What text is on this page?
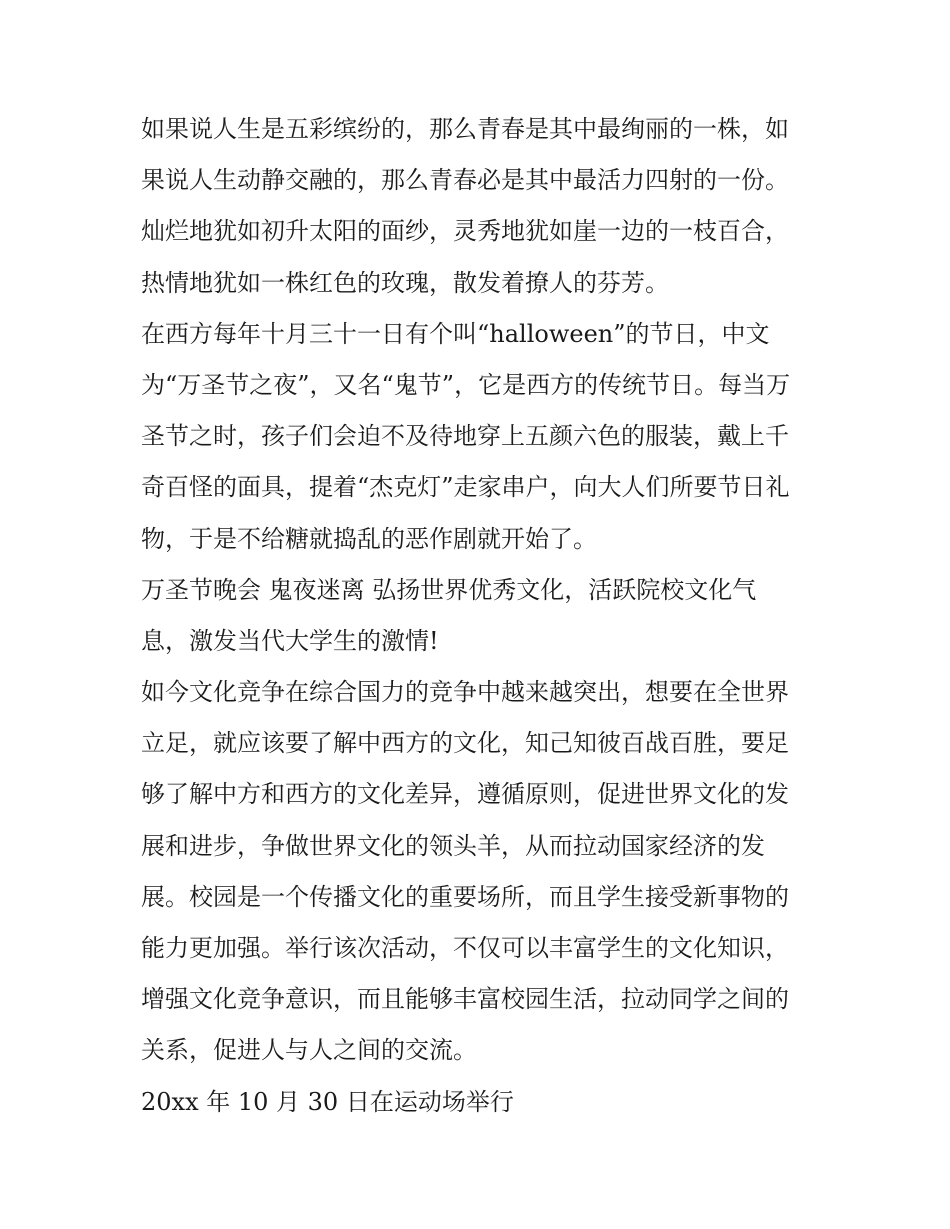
如果说人生是五彩缤纷的，那么青春是其中最绚丽的一株，如

果说人生动静交融的，那么青春必是其中最活力四射的一份。

灿烂地犹如初升太阳的面纱，灵秀地犹如崖一边的一枝百合，

热情地犹如一株红色的玫瑰，散发着撩人的芬芳。

在西方每年十月三十一日有个叫“halloween”的节日，中文

为“万圣节之夜”，又名“鬼节”，它是西方的传统节日。每当万

圣节之时，孩子们会迫不及待地穿上五颜六色的服装，戴上千

奇百怪的面具，提着“杰克灯”走家串户，向大人们所要节日礼

物，于是不给糖就捣乱的恶作剧就开始了。

万圣节晚会 鬼夜迷离 弘扬世界优秀文化，活跃院校文化气

息，激发当代大学生的激情!

如今文化竞争在综合国力的竞争中越来越突出，想要在全世界

立足，就应该要了解中西方的文化，知己知彼百战百胜，要足

够了解中方和西方的文化差异，遵循原则，促进世界文化的发

展和进步，争做世界文化的领头羊，从而拉动国家经济的发

展。校园是一个传播文化的重要场所，而且学生接受新事物的

能力更加强。举行该次活动，不仅可以丰富学生的文化知识，

增强文化竞争意识，而且能够丰富校园生活，拉动同学之间的

关系，促进人与人之间的交流。

20xx 年 10 月 30 日在运动场举行
